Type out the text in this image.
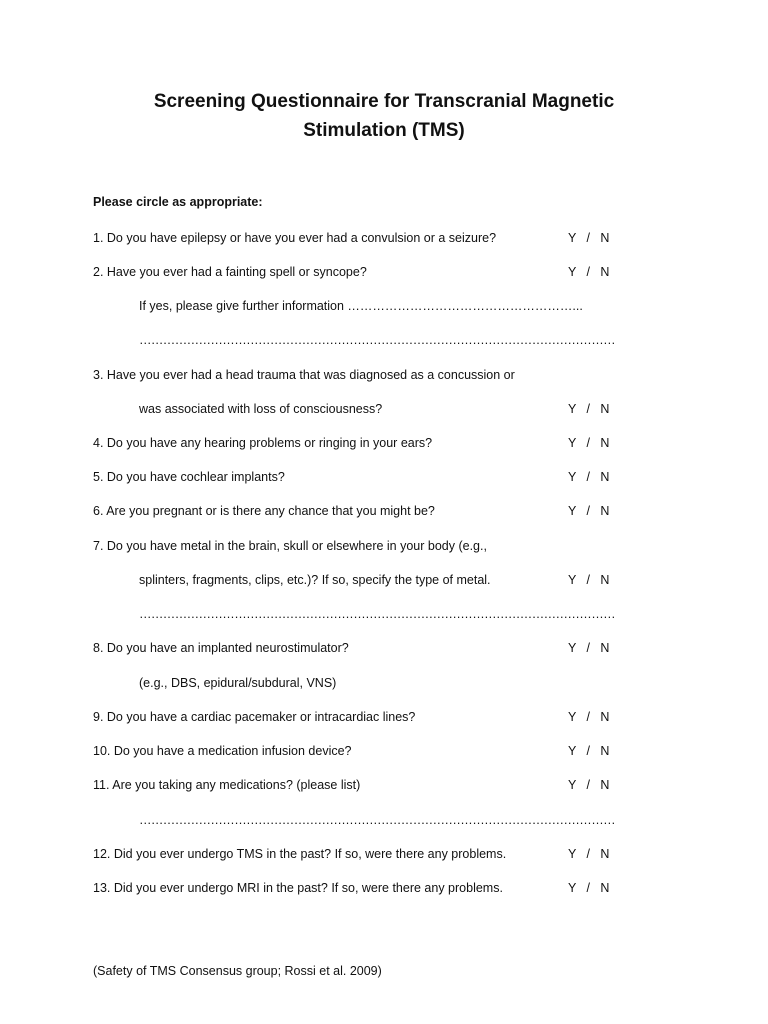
Screening Questionnaire for Transcranial Magnetic
Stimulation (TMS)
Please circle as appropriate:
1. Do you have epilepsy or have you ever had a convulsion or a seizure?	Y   /   N
2. Have you ever had a fainting spell or syncope?	Y   /   N
If yes, please give further information ………………………………………………...
…………………………………………………………………………………………………………
3. Have you ever had a head trauma that was diagnosed as a concussion or
was associated with loss of consciousness?	Y   /   N
4. Do you have any hearing problems or ringing in your ears?	Y   /   N
5. Do you have cochlear implants?	Y   /   N
6. Are you pregnant or is there any chance that you might be?	Y   /   N
7. Do you have metal in the brain, skull or elsewhere in your body (e.g.,
splinters, fragments, clips, etc.)? If so, specify the type of metal.	Y   /   N
…………………………………………………………………………………………………………
8. Do you have an implanted neurostimulator?	Y   /   N
(e.g., DBS, epidural/subdural, VNS)
9. Do you have a cardiac pacemaker or intracardiac lines?	Y   /   N
10. Do you have a medication infusion device?	Y   /   N
11. Are you taking any medications? (please list)	Y   /   N
…………………………………………………………………………………………………………
12. Did you ever undergo TMS in the past? If so, were there any problems.	Y   /   N
13. Did you ever undergo MRI in the past? If so, were there any problems.	Y   /   N
(Safety of TMS Consensus group; Rossi et al. 2009)
